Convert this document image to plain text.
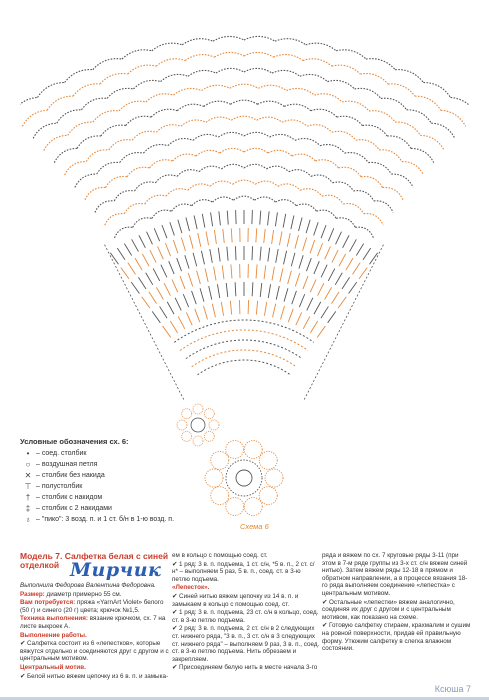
Условные обозначения сх. 6:
• – соед. столбик
○ – воздушная петля
✕ – столбик без накида
⊤ – полустолбик
† – столбик с накидом
‡ – столбик с 2 накидами
♁ – "пико": 3 возд. п. и 1 ст. б/н в 1-ю возд. п.
Схема 6
Мирчик
Модель 7. Салфетка белая с синей отделкой

Выполнила Федорова Валентина Федоровна.

Размер: диаметр примерно 55 см.

Вам потребуется: пряжа «YarnArt Violet» белого (50 г) и синего (20 г) цвета; крючок №1,5.

Техника выполнения: вязание крючком, сх. 7 на листе выкроек А.

Выполнение работы.

✔ Салфетка состоит из 6 «лепестков», которые вяжутся отдельно и соединяются друг с другом и с центральным мотивом.

Центральный мотив.

✔ Белой нитью вяжем цепочку из 6 в. п. и замыка-

ем в кольцо с помощью соед. ст.

✔ 1 ряд: 3 в. п. подъема, 1 ст. с/н, *5 в. п., 2 ст. с/н* – выполняем 5 раз, 5 в. п., соед. ст. в 3-ю петлю подъема.

«Лепесток».

✔ Синей нитью вяжем цепочку из 14 в. п. и замыкаем в кольцо с помощью соед. ст.

✔ 1 ряд: 3 в. п. подъема, 23 ст. с/н в кольцо, соед. ст. в 3-ю петлю подъема.

✔ 2 ряд: 3 в. п. подъема, 2 ст. с/н в 2 следующих ст. нижнего ряда, "3 в. п., 3 ст. с/н в 3 следующих ст. нижнего ряда" – выполняем 9 раз, 3 в. п., соед. ст. в 3-ю петлю подъема. Нить обрезаем и закрепляем.

✔ Присоединяем белую нить в месте начала 3-го

ряда и вяжем по сх. 7 круговые ряды 3-11 (при этом в 7-м ряде группы из 3-х ст. с/н вяжем синей нитью). Затем вяжем ряды 12-18 в прямом и обратном направлении, а в процессе вязания 18-го ряда выполняем соединение «лепестка» с центральным мотивом.

✔ Остальные «лепестки» вяжем аналогично, соединяя их друг с другом и с центральным мотивом, как показано на схеме.

✔ Готовую салфетку стираем, крахмалим и сушим на ровной поверхности, придав ей правильную форму. Утюжим салфетку в слегка влажном состоянии.

Ксюша 7
